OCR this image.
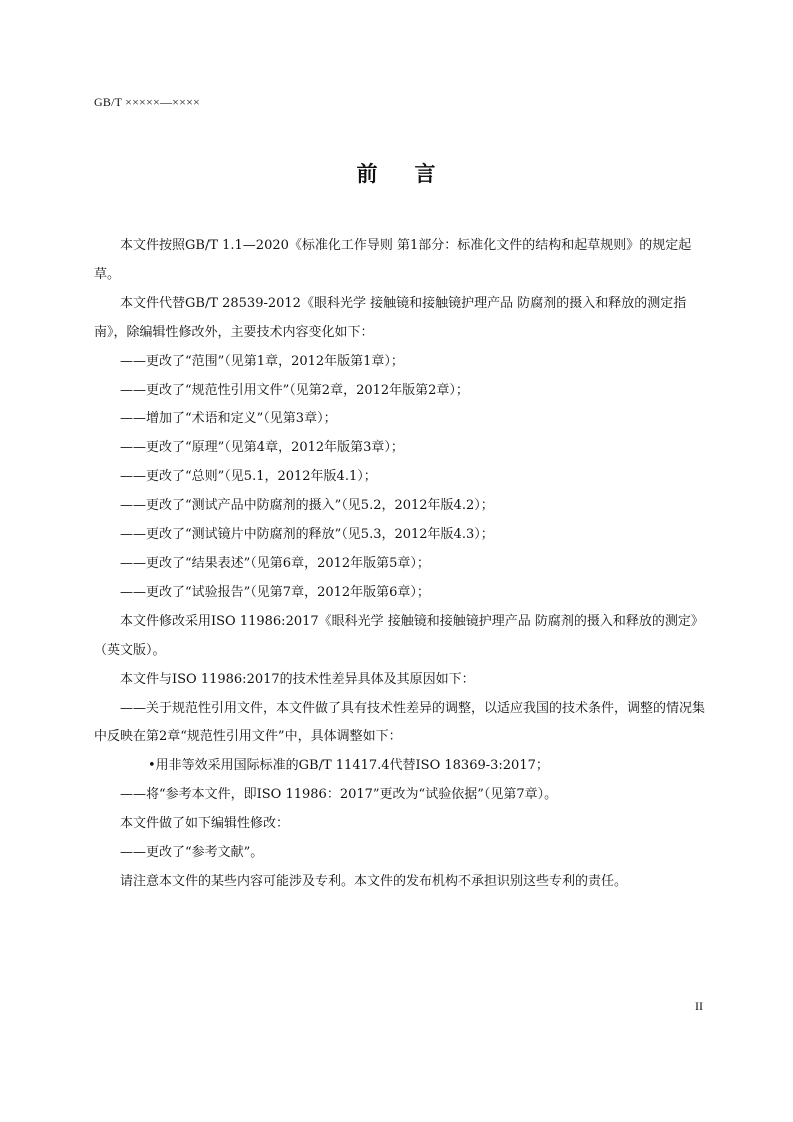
GB/T ×××××—××××
前 言

本文件按照GB/T 1.1—2020《标准化工作导则 第1部分：标准化文件的结构和起草规则》的规定起草。

本文件代替GB/T 28539-2012《眼科光学 接触镜和接触镜护理产品 防腐剂的摄入和释放的测定指南》，除编辑性修改外，主要技术内容变化如下：

——更改了“范围”（见第1章，2012年版第1章）；

——更改了“规范性引用文件”（见第2章，2012年版第2章）；

——增加了“术语和定义”（见第3章）；

——更改了“原理”（见第4章，2012年版第3章）；

——更改了“总则”（见5.1，2012年版4.1）；

——更改了“测试产品中防腐剂的摄入”（见5.2，2012年版4.2）；

——更改了“测试镜片中防腐剂的释放”（见5.3，2012年版4.3）；

——更改了“结果表述”（见第6章，2012年版第5章）；

——更改了“试验报告”（见第7章，2012年版第6章）；

本文件修改采用ISO 11986:2017《眼科光学 接触镜和接触镜护理产品 防腐剂的摄入和释放的测定》（英文版）。

本文件与ISO 11986:2017的技术性差异具体及其原因如下：

——关于规范性引用文件，本文件做了具有技术性差异的调整，以适应我国的技术条件，调整的情况集中反映在第2章“规范性引用文件”中，具体调整如下：

•用非等效采用国际标准的GB/T 11417.4代替ISO 18369-3:2017；

——将“参考本文件，即ISO 11986：2017”更改为“试验依据”（见第7章）。

本文件做了如下编辑性修改：

——更改了“参考文献”。

请注意本文件的某些内容可能涉及专利。本文件的发布机构不承担识别这些专利的责任。

II
